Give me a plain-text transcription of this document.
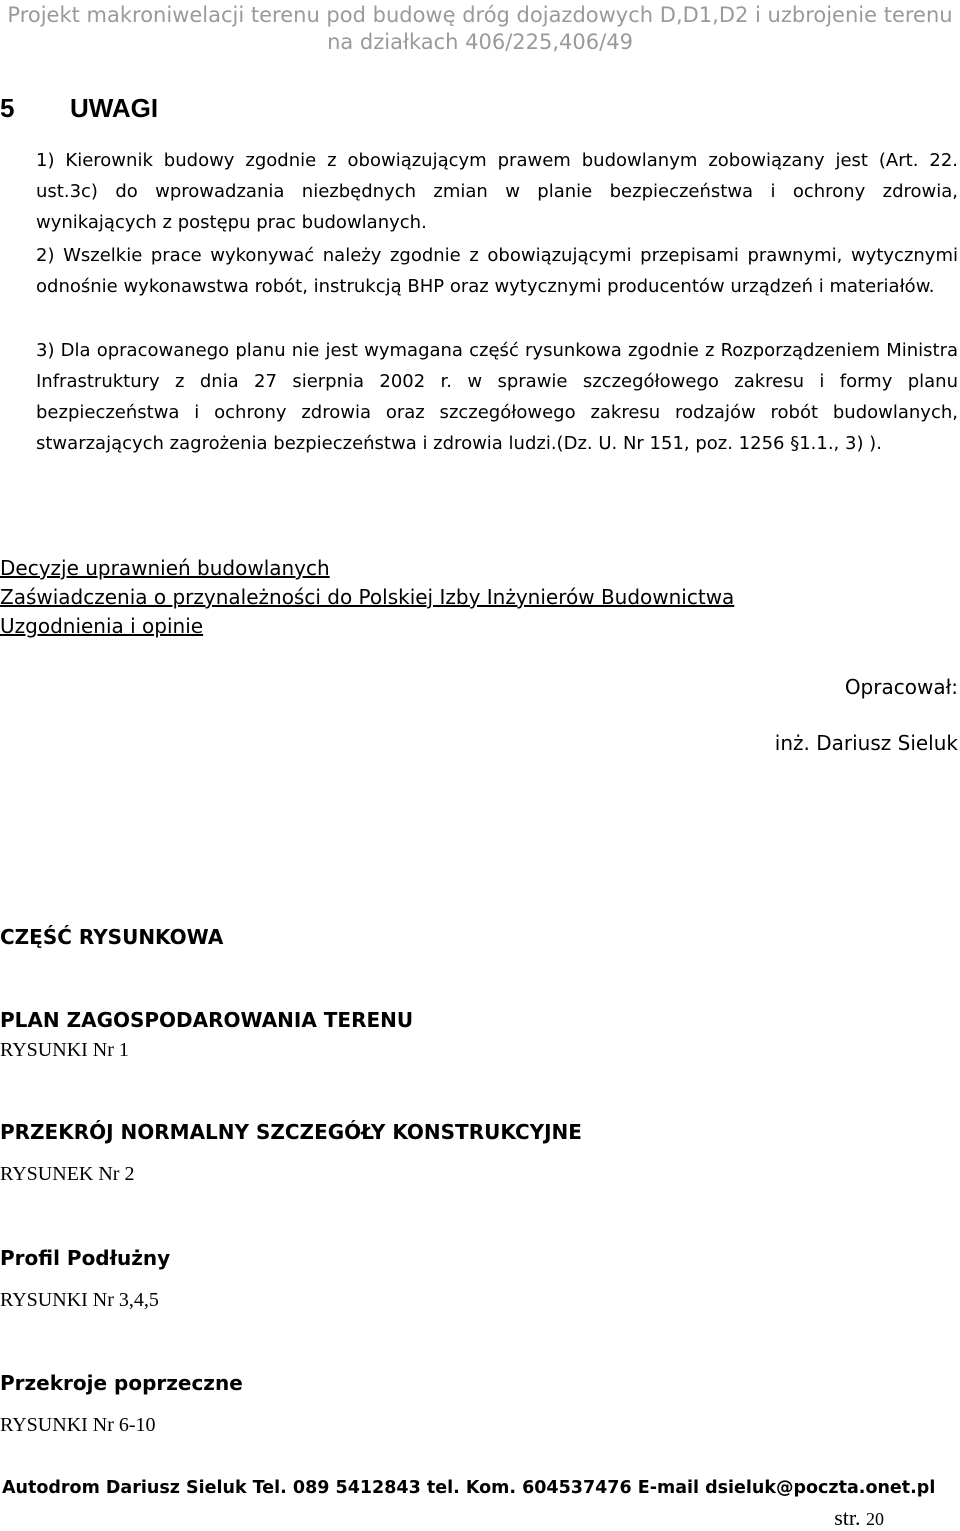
Projekt makroniwelacji terenu pod budowę dróg dojazdowych D,D1,D2 i uzbrojenie terenu
na działkach 406/225,406/49
5 UWAGI
1) Kierownik budowy zgodnie z obowiązującym prawem budowlanym zobowiązany jest (Art. 22. ust.3c) do wprowadzania niezbędnych zmian w planie bezpieczeństwa i ochrony zdrowia, wynikających z postępu prac budowlanych.
2) Wszelkie prace wykonywać należy zgodnie z obowiązującymi przepisami prawnymi, wytycznymi odnośnie wykonawstwa robót, instrukcją BHP oraz wytycznymi producentów urządzeń i materiałów.
3) Dla opracowanego planu nie jest wymagana część rysunkowa zgodnie z Rozporządzeniem Ministra Infrastruktury z dnia 27 sierpnia 2002 r. w sprawie szczegółowego zakresu i formy planu bezpieczeństwa i ochrony zdrowia oraz szczegółowego zakresu rodzajów robót budowlanych, stwarzających zagrożenia bezpieczeństwa i zdrowia ludzi.(Dz. U. Nr 151, poz. 1256 §1.1., 3) ).
Decyzje uprawnień budowlanych
Zaświadczenia o przynależności do Polskiej Izby Inżynierów Budownictwa
Uzgodnienia i opinie
Opracował:
inż. Dariusz Sieluk
CZĘŚĆ RYSUNKOWA
PLAN ZAGOSPODAROWANIA TERENU
RYSUNKI Nr 1
PRZEKRÓJ NORMALNY SZCZEGÓŁY KONSTRUKCYJNE
RYSUNEK Nr 2
Profil Podłużny
RYSUNKI Nr 3,4,5
Przekroje poprzeczne
RYSUNKI Nr 6-10
Autodrom Dariusz Sieluk Tel. 089 5412843 tel. Kom. 604537476 E-mail dsieluk@poczta.onet.pl
str. 20
